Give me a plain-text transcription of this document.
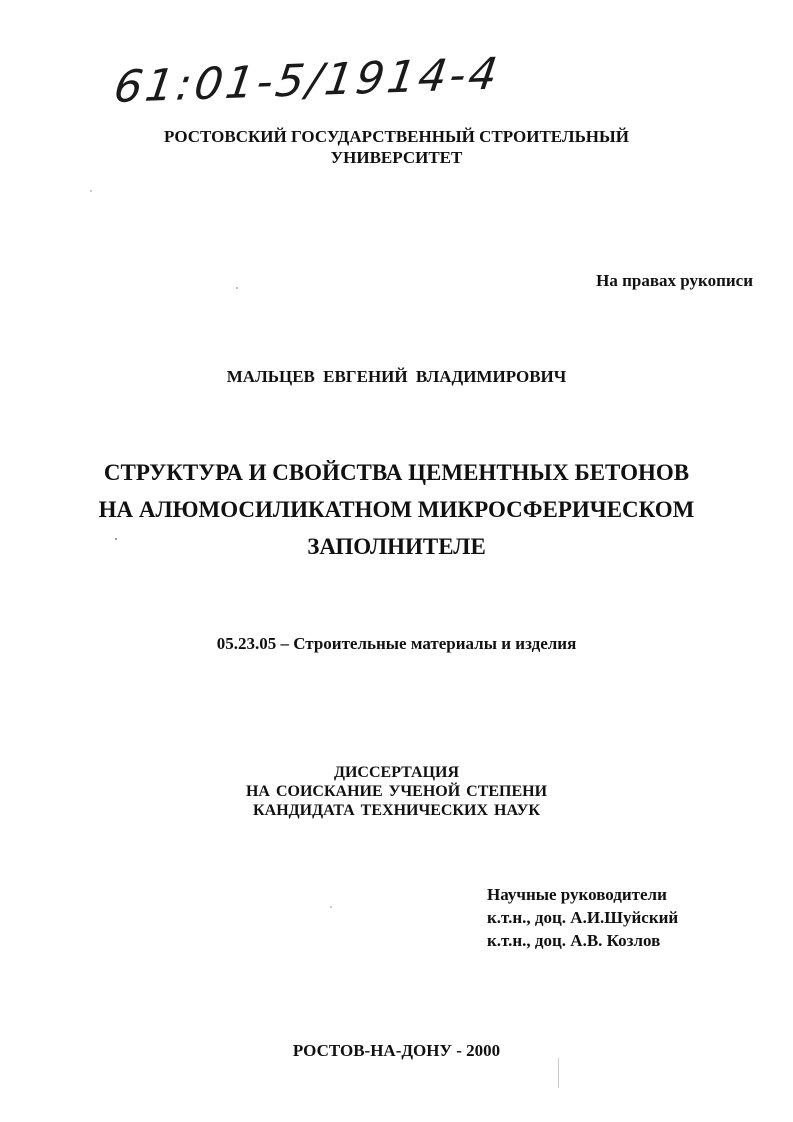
61:01-5/1914-4
РОСТОВСКИЙ ГОСУДАРСТВЕННЫЙ СТРОИТЕЛЬНЫЙ
УНИВЕРСИТЕТ
На правах рукописи
МАЛЬЦЕВ ЕВГЕНИЙ ВЛАДИМИРОВИЧ
СТРУКТУРА И СВОЙСТВА ЦЕМЕНТНЫХ БЕТОНОВ
НА АЛЮМОСИЛИКАТНОМ МИКРОСФЕРИЧЕСКОМ
ЗАПОЛНИТЕЛЕ
05.23.05 – Строительные материалы и изделия
ДИССЕРТАЦИЯ
НА СОИСКАНИЕ УЧЕНОЙ СТЕПЕНИ
КАНДИДАТА ТЕХНИЧЕСКИХ НАУК
Научные руководители
к.т.н., доц. А.И.Шуйский
к.т.н., доц. А.В. Козлов
РОСТОВ-НА-ДОНУ - 2000
